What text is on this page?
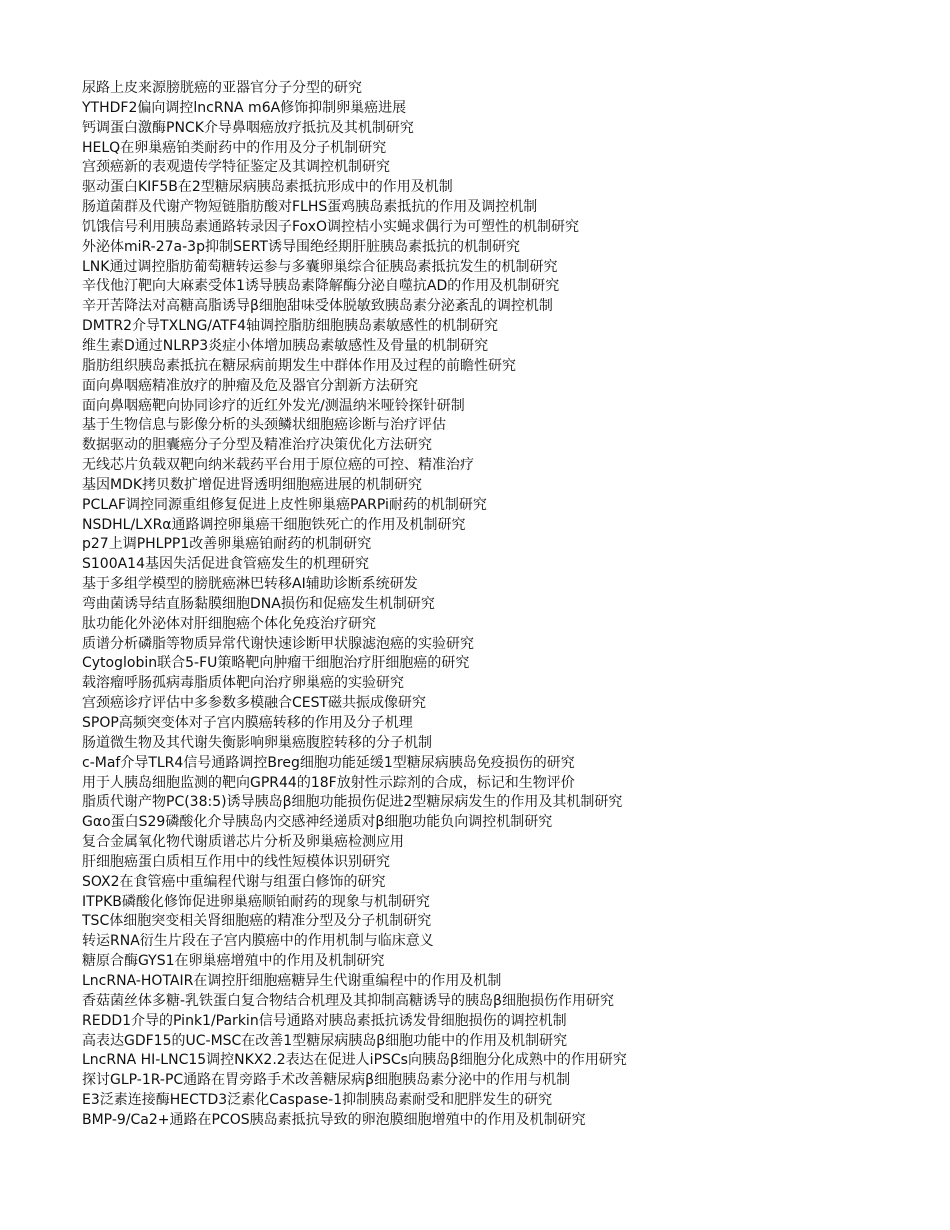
尿路上皮来源膀胱癌的亚器官分子分型的研究
YTHDF2偏向调控lncRNA m6A修饰抑制卵巢癌进展
钙调蛋白激酶PNCK介导鼻咽癌放疗抵抗及其机制研究
HELQ在卵巢癌铂类耐药中的作用及分子机制研究
宫颈癌新的表观遗传学特征鉴定及其调控机制研究
驱动蛋白KIF5B在2型糖尿病胰岛素抵抗形成中的作用及机制
肠道菌群及代谢产物短链脂肪酸对FLHS蛋鸡胰岛素抵抗的作用及调控机制
饥饿信号利用胰岛素通路转录因子FoxO调控桔小实蝇求偶行为可塑性的机制研究
外泌体miR-27a-3p抑制SERT诱导围绝经期肝脏胰岛素抵抗的机制研究
LNK通过调控脂肪葡萄糖转运参与多囊卵巢综合征胰岛素抵抗发生的机制研究
辛伐他汀靶向大麻素受体1诱导胰岛素降解酶分泌自噬抗AD的作用及机制研究
辛开苦降法对高糖高脂诱导β细胞甜味受体脱敏致胰岛素分泌紊乱的调控机制
DMTR2介导TXLNG/ATF4轴调控脂肪细胞胰岛素敏感性的机制研究
维生素D通过NLRP3炎症小体增加胰岛素敏感性及骨量的机制研究
脂肪组织胰岛素抵抗在糖尿病前期发生中群体作用及过程的前瞻性研究
面向鼻咽癌精准放疗的肿瘤及危及器官分割新方法研究
面向鼻咽癌靶向协同诊疗的近红外发光/测温纳米哑铃探针研制
基于生物信息与影像分析的头颈鳞状细胞癌诊断与治疗评估
数据驱动的胆囊癌分子分型及精准治疗决策优化方法研究
无线芯片负载双靶向纳米载药平台用于原位癌的可控、精准治疗
基因MDK拷贝数扩增促进肾透明细胞癌进展的机制研究
PCLAF调控同源重组修复促进上皮性卵巢癌PARPi耐药的机制研究
NSDHL/LXRα通路调控卵巢癌干细胞铁死亡的作用及机制研究
p27上调PHLPP1改善卵巢癌铂耐药的机制研究
S100A14基因失活促进食管癌发生的机理研究
基于多组学模型的膀胱癌淋巴转移AI辅助诊断系统研发
弯曲菌诱导结直肠黏膜细胞DNA损伤和促癌发生机制研究
肽功能化外泌体对肝细胞癌个体化免疫治疗研究
质谱分析磷脂等物质异常代谢快速诊断甲状腺滤泡癌的实验研究
Cytoglobin联合5-FU策略靶向肿瘤干细胞治疗肝细胞癌的研究
载溶瘤呼肠孤病毒脂质体靶向治疗卵巢癌的实验研究
宫颈癌诊疗评估中多参数多模融合CEST磁共振成像研究
SPOP高频突变体对子宫内膜癌转移的作用及分子机理
肠道微生物及其代谢失衡影响卵巢癌腹腔转移的分子机制
c-Maf介导TLR4信号通路调控Breg细胞功能延缓1型糖尿病胰岛免疫损伤的研究
用于人胰岛细胞监测的靶向GPR44的18F放射性示踪剂的合成，标记和生物评价
脂质代谢产物PC(38:5)诱导胰岛β细胞功能损伤促进2型糖尿病发生的作用及其机制研究
Gαo蛋白S29磷酸化介导胰岛内交感神经递质对β细胞功能负向调控机制研究
复合金属氧化物代谢质谱芯片分析及卵巢癌检测应用
肝细胞癌蛋白质相互作用中的线性短模体识别研究
SOX2在食管癌中重编程代谢与组蛋白修饰的研究
ITPKB磷酸化修饰促进卵巢癌顺铂耐药的现象与机制研究
TSC体细胞突变相关肾细胞癌的精准分型及分子机制研究
转运RNA衍生片段在子宫内膜癌中的作用机制与临床意义
糖原合酶GYS1在卵巢癌增殖中的作用及机制研究
LncRNA-HOTAIR在调控肝细胞癌糖异生代谢重编程中的作用及机制
香菇菌丝体多糖-乳铁蛋白复合物结合机理及其抑制高糖诱导的胰岛β细胞损伤作用研究
REDD1介导的Pink1/Parkin信号通路对胰岛素抵抗诱发骨细胞损伤的调控机制
高表达GDF15的UC-MSC在改善1型糖尿病胰岛β细胞功能中的作用及机制研究
LncRNA HI-LNC15调控NKX2.2表达在促进人iPSCs向胰岛β细胞分化成熟中的作用研究
探讨GLP-1R-PC通路在胃旁路手术改善糖尿病β细胞胰岛素分泌中的作用与机制
E3泛素连接酶HECTD3泛素化Caspase-1抑制胰岛素耐受和肥胖发生的研究
BMP-9/Ca2+通路在PCOS胰岛素抵抗导致的卵泡膜细胞增殖中的作用及机制研究
